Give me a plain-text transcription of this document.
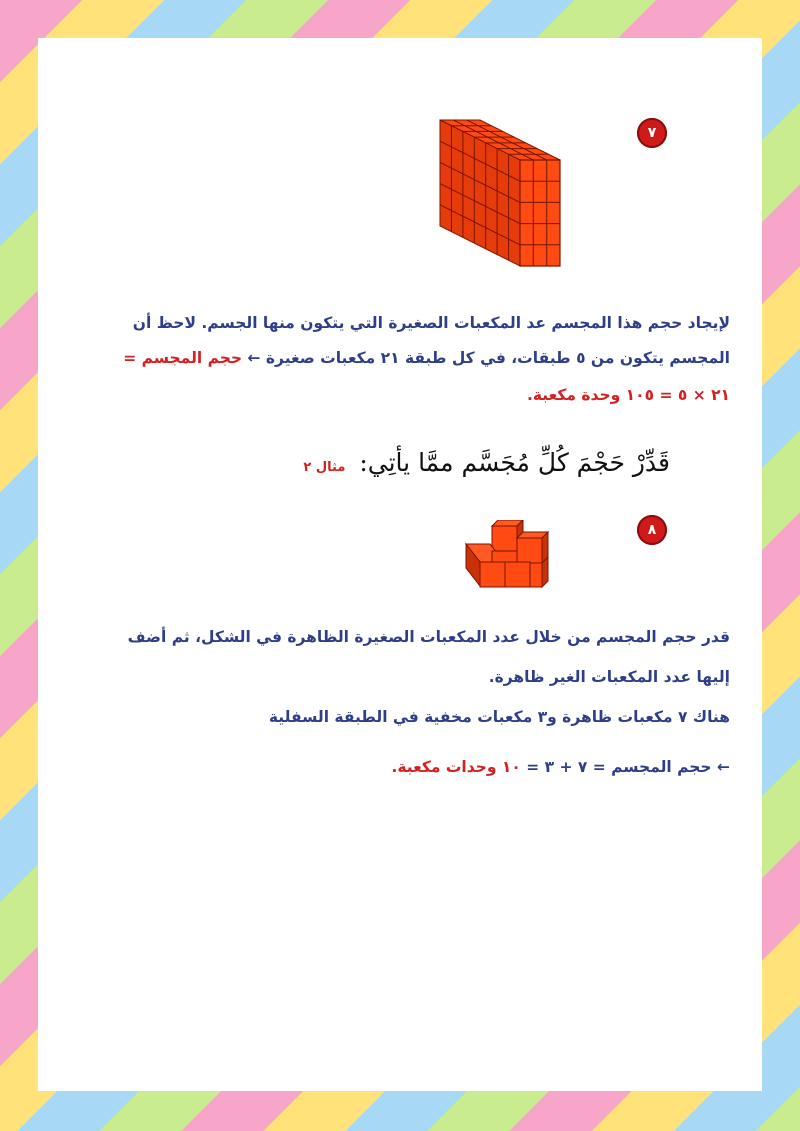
٧
لإيجاد حجم هذا المجسم عد المكعبات الصغيرة التي يتكون منها الجسم. لاحظ أن
المجسم يتكون من ٥ طبقات، في كل طبقة ٢١ مكعبات صغيرة ← حجم المجسم =
٢١ × ٥ = ١٠٥ وحدة مكعبة.
قَدِّرْ حَجْمَ كُلِّ مُجَسَّم ممَّا يأتِي: مثال ٢
٨
قدر حجم المجسم من خلال عدد المكعبات الصغيرة الظاهرة في الشكل، ثم أضف
إليها عدد المكعبات الغير ظاهرة.
هناك ٧ مكعبات ظاهرة و٣ مكعبات مخفية في الطبقة السفلية
← حجم المجسم = ٧ + ٣ = ١٠ وحدات مكعبة.
